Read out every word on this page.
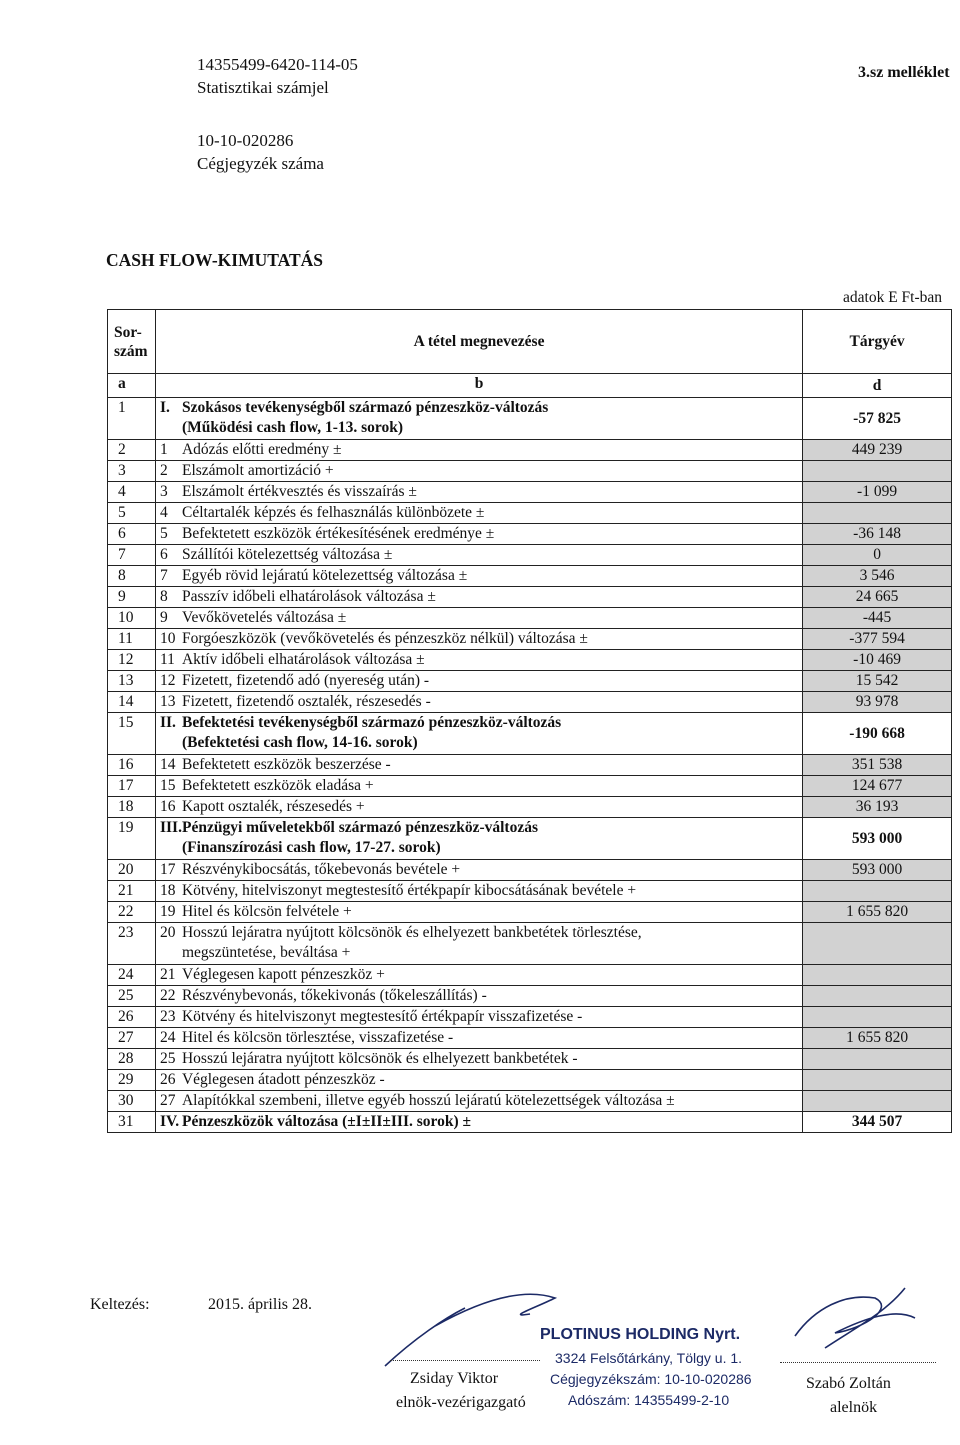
14355499-6420-114-05
Statisztikai számjel
10-10-020286
Cégjegyzék száma
3.sz melléklet
CASH FLOW-KIMUTATÁS
adatok E Ft-ban
Sor-
szám	A tétel megnevezése	Tárgyév
a	b	d
1	I. Szokásos tevékenységből származó pénzeszköz-változás
(Működési cash flow, 1-13. sorok)	-57 825
2	1 Adózás előtti eredmény ±	449 239
3	2 Elszámolt amortizáció +	
4	3 Elszámolt értékvesztés és visszaírás ±	-1 099
5	4 Céltartalék képzés és felhasználás különbözete ±	
6	5 Befektetett eszközök értékesítésének eredménye ±	-36 148
7	6 Szállítói kötelezettség változása ±	0
8	7 Egyéb rövid lejáratú kötelezettség változása ±	3 546
9	8 Passzív időbeli elhatárolások változása ±	24 665
10	9 Vevőkövetelés változása ±	-445
11	10 Forgóeszközök (vevőkövetelés és pénzeszköz nélkül) változása ±	-377 594
12	11 Aktív időbeli elhatárolások változása ±	-10 469
13	12 Fizetett, fizetendő adó (nyereség után) -	15 542
14	13 Fizetett, fizetendő osztalék, részesedés -	93 978
15	II. Befektetési tevékenységből származó pénzeszköz-változás
(Befektetési cash flow, 14-16. sorok)	-190 668
16	14 Befektetett eszközök beszerzése -	351 538
17	15 Befektetett eszközök eladása +	124 677
18	16 Kapott osztalék, részesedés +	36 193
19	III.Pénzügyi műveletekből származó pénzeszköz-változás
(Finanszírozási cash flow, 17-27. sorok)	593 000
20	17 Részvénykibocsátás, tőkebevonás bevétele +	593 000
21	18 Kötvény, hitelviszonyt megtestesítő értékpapír kibocsátásának bevétele +	
22	19 Hitel és kölcsön felvétele +	1 655 820
23	20 Hosszú lejáratra nyújtott kölcsönök és elhelyezett bankbetétek törlesztése,
megszüntetése, beváltása +	
24	21 Véglegesen kapott pénzeszköz +	
25	22 Részvénybevonás, tőkekivonás (tőkeleszállítás) -	
26	23 Kötvény és hitelviszonyt megtestesítő értékpapír visszafizetése -	
27	24 Hitel és kölcsön törlesztése, visszafizetése -	1 655 820
28	25 Hosszú lejáratra nyújtott kölcsönök és elhelyezett bankbetétek -	
29	26 Véglegesen átadott pénzeszköz -	
30	27 Alapítókkal szembeni, illetve egyéb hosszú lejáratú kötelezettségek változása ±	
31	IV. Pénzeszközök változása (±I±II±III. sorok) ±	344 507
Keltezés:	2015. április 28.
PLOTINUS HOLDING Nyrt.
3324 Felsőtárkány, Tölgy u. 1.
Cégjegyzékszám: 10-10-020286
Adószám: 14355499-2-10
Zsiday Viktor
elnök-vezérigazgató
Szabó Zoltán
alelnök
